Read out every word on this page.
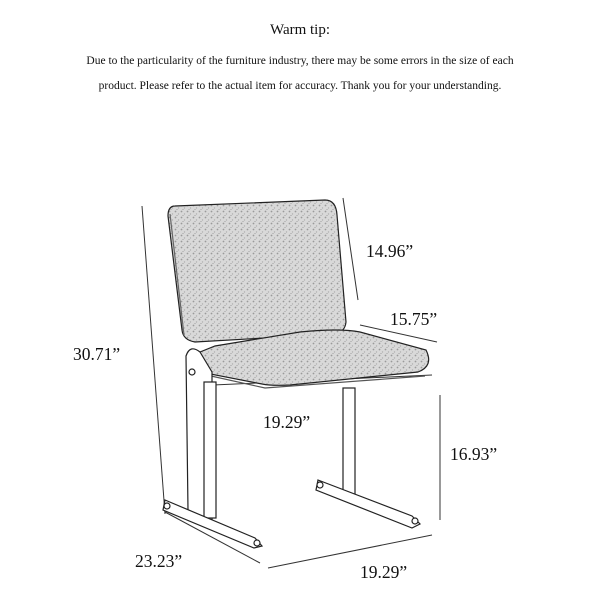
Warm tip:
Due to the particularity of the furniture industry, there may be some errors in the size of each
product. Please refer to the actual item for accuracy. Thank you for your understanding.
30.71”
14.96”
15.75”
19.29”
16.93”
23.23”
19.29”
